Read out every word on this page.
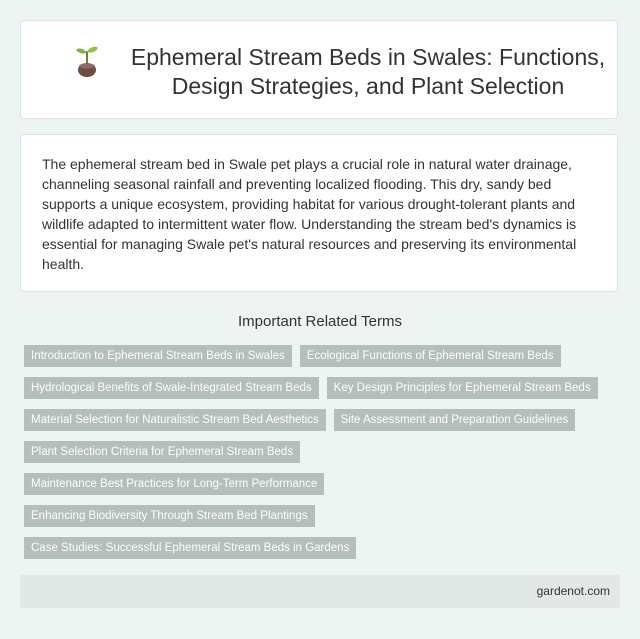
Ephemeral Stream Beds in Swales: Functions, Design Strategies, and Plant Selection

The ephemeral stream bed in Swale pet plays a crucial role in natural water drainage, channeling seasonal rainfall and preventing localized flooding. This dry, sandy bed supports a unique ecosystem, providing habitat for various drought-tolerant plants and wildlife adapted to intermittent water flow. Understanding the stream bed's dynamics is essential for managing Swale pet's natural resources and preserving its environmental health.

Important Related Terms
Introduction to Ephemeral Stream Beds in Swales	Ecological Functions of Ephemeral Stream Beds
Hydrological Benefits of Swale-Integrated Stream Beds	Key Design Principles for Ephemeral Stream Beds
Material Selection for Naturalistic Stream Bed Aesthetics	Site Assessment and Preparation Guidelines
Plant Selection Criteria for Ephemeral Stream Beds
Maintenance Best Practices for Long-Term Performance
Enhancing Biodiversity Through Stream Bed Plantings
Case Studies: Successful Ephemeral Stream Beds in Gardens
gardenot.com
